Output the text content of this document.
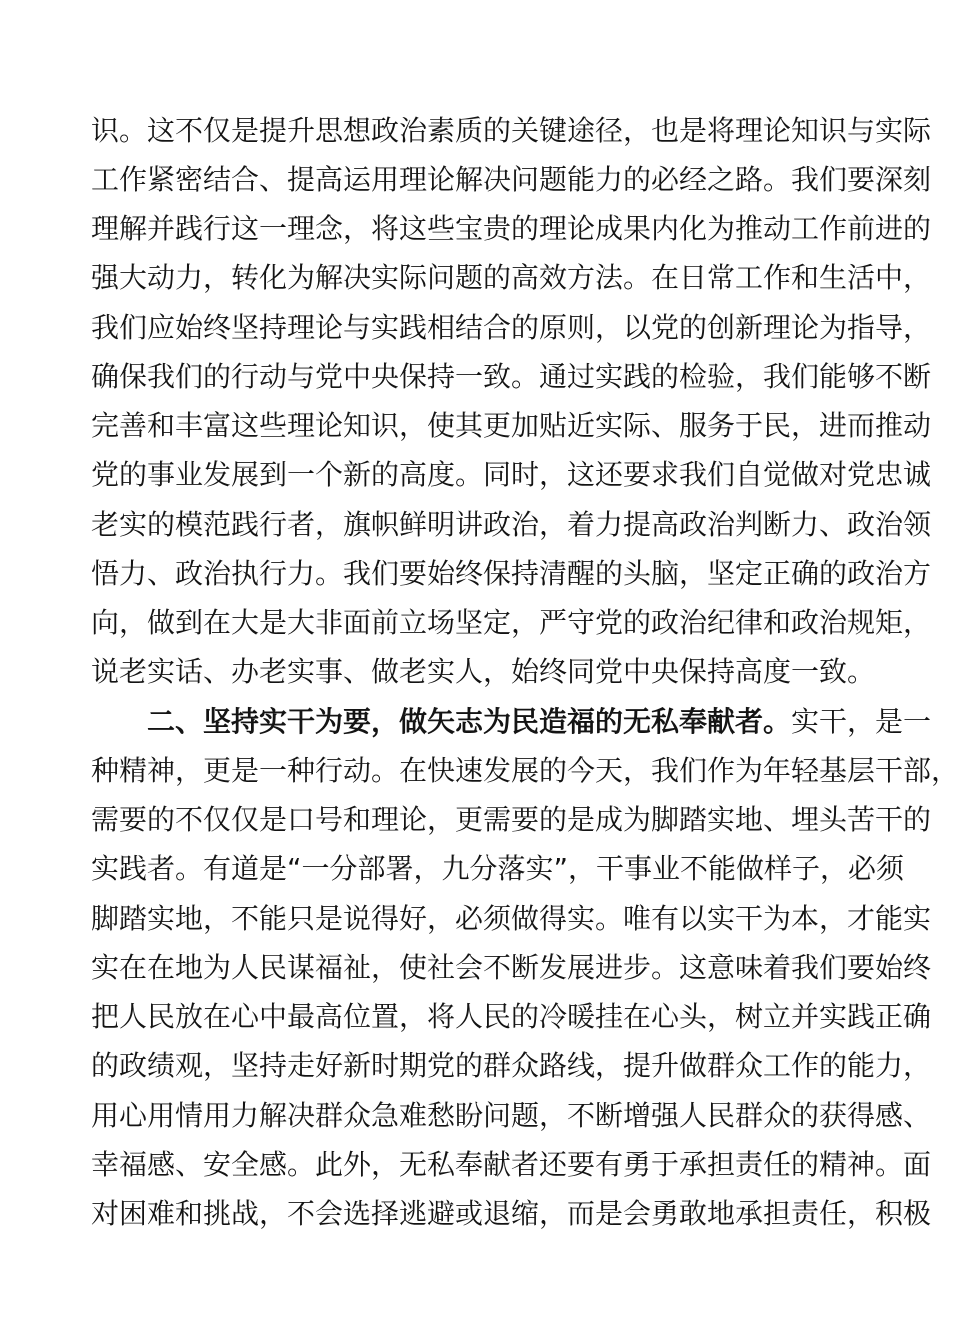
识。这不仅是提升思想政治素质的关键途径，也是将理论知识与实际
工作紧密结合、提高运用理论解决问题能力的必经之路。我们要深刻
理解并践行这一理念，将这些宝贵的理论成果内化为推动工作前进的
强大动力，转化为解决实际问题的高效方法。在日常工作和生活中，
我们应始终坚持理论与实践相结合的原则，以党的创新理论为指导，
确保我们的行动与党中央保持一致。通过实践的检验，我们能够不断
完善和丰富这些理论知识，使其更加贴近实际、服务于民，进而推动
党的事业发展到一个新的高度。同时，这还要求我们自觉做对党忠诚
老实的模范践行者，旗帜鲜明讲政治，着力提高政治判断力、政治领
悟力、政治执行力。我们要始终保持清醒的头脑，坚定正确的政治方
向，做到在大是大非面前立场坚定，严守党的政治纪律和政治规矩，
说老实话、办老实事、做老实人，始终同党中央保持高度一致。
二、坚持实干为要，做矢志为民造福的无私奉献者。实干，是一
种精神，更是一种行动。在快速发展的今天，我们作为年轻基层干部，
需要的不仅仅是口号和理论，更需要的是成为脚踏实地、埋头苦干的
实践者。有道是“一分部署，九分落实”，干事业不能做样子，必须
脚踏实地，不能只是说得好，必须做得实。唯有以实干为本，才能实
实在在地为人民谋福祉，使社会不断发展进步。这意味着我们要始终
把人民放在心中最高位置，将人民的冷暖挂在心头，树立并实践正确
的政绩观，坚持走好新时期党的群众路线，提升做群众工作的能力，
用心用情用力解决群众急难愁盼问题，不断增强人民群众的获得感、
幸福感、安全感。此外，无私奉献者还要有勇于承担责任的精神。面
对困难和挑战，不会选择逃避或退缩，而是会勇敢地承担责任，积极
